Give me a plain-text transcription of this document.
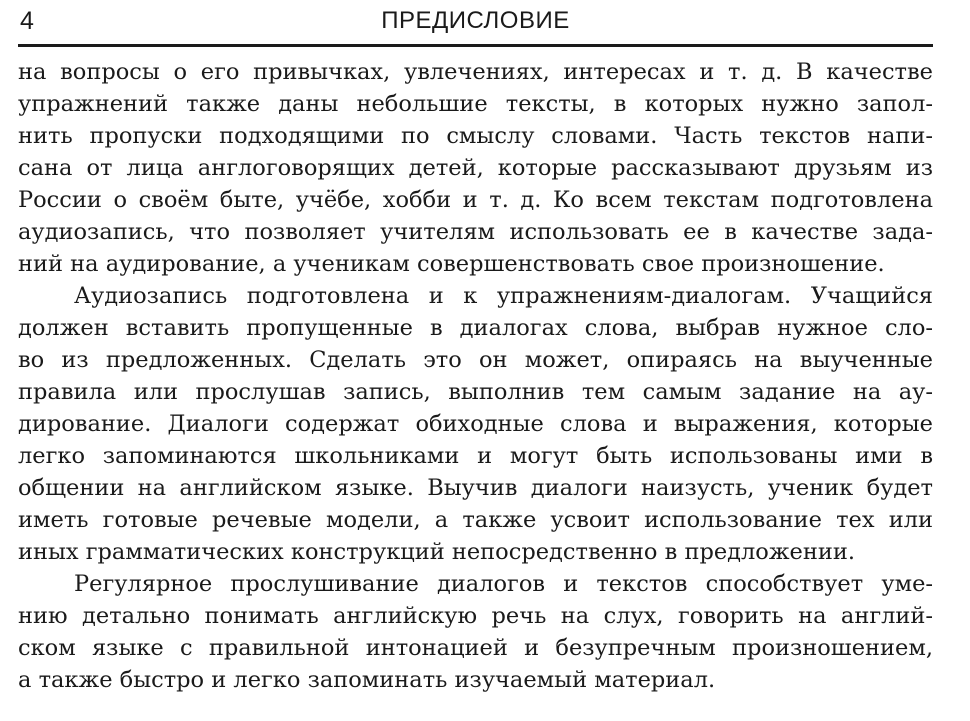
4	ПРЕДИСЛОВИЕ
на вопросы о его привычках, увлечениях, интересах и т. д. В качестве
упражнений также даны небольшие тексты, в которых нужно запол-
нить пропуски подходящими по смыслу словами. Часть текстов напи-
сана от лица англоговорящих детей, которые рассказывают друзьям из
России о своём быте, учёбе, хобби и т. д. Ко всем текстам подготовлена
аудиозапись, что позволяет учителям использовать ее в качестве зада-
ний на аудирование, а ученикам совершенствовать свое произношение.
Аудиозапись подготовлена и к упражнениям-диалогам. Учащийся
должен вставить пропущенные в диалогах слова, выбрав нужное сло-
во из предложенных. Сделать это он может, опираясь на выученные
правила или прослушав запись, выполнив тем самым задание на ау-
дирование. Диалоги содержат обиходные слова и выражения, которые
легко запоминаются школьниками и могут быть использованы ими в
общении на английском языке. Выучив диалоги наизусть, ученик будет
иметь готовые речевые модели, а также усвоит использование тех или
иных грамматических конструкций непосредственно в предложении.
Регулярное прослушивание диалогов и текстов способствует уме-
нию детально понимать английскую речь на слух, говорить на англий-
ском языке с правильной интонацией и безупречным произношением,
а также быстро и легко запоминать изучаемый материал.
